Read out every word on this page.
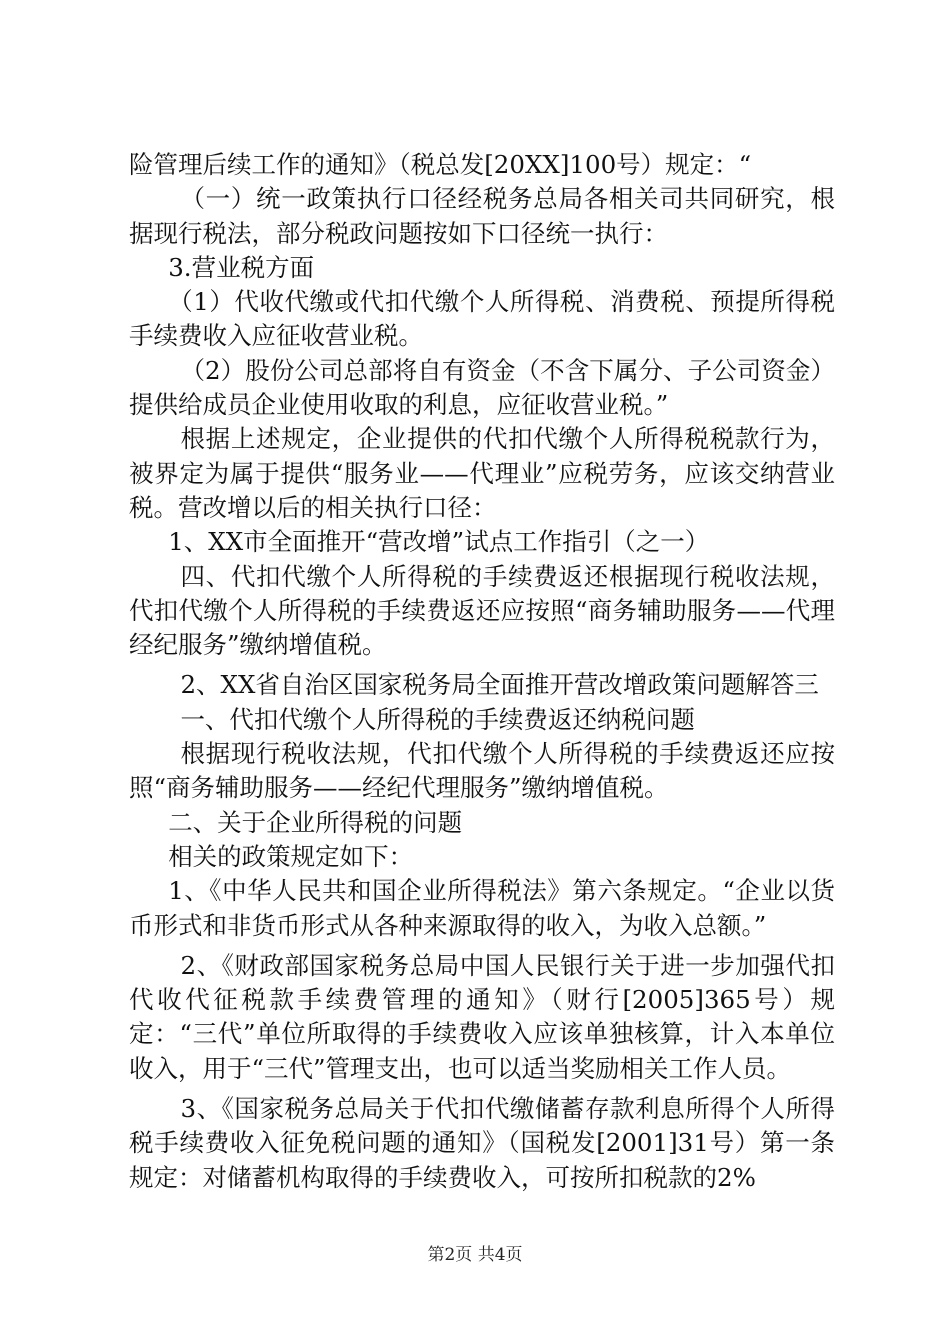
险管理后续工作的通知》（税总发[20XX]100号）规定：“

（一）统一政策执行口径经税务总局各相关司共同研究，根据现行税法，部分税政问题按如下口径统一执行：

3.营业税方面

（1）代收代缴或代扣代缴个人所得税、消费税、预提所得税手续费收入应征收营业税。

（2）股份公司总部将自有资金（不含下属分、子公司资金）提供给成员企业使用收取的利息，应征收营业税。”

根据上述规定，企业提供的代扣代缴个人所得税税款行为，被界定为属于提供“服务业——代理业”应税劳务，应该交纳营业税。营改增以后的相关执行口径：

1、XX市全面推开“营改增”试点工作指引（之一）

四、代扣代缴个人所得税的手续费返还根据现行税收法规，代扣代缴个人所得税的手续费返还应按照“商务辅助服务——代理经纪服务”缴纳增值税。

2、XX省自治区国家税务局全面推开营改增政策问题解答三

一、代扣代缴个人所得税的手续费返还纳税问题

根据现行税收法规，代扣代缴个人所得税的手续费返还应按照“商务辅助服务——经纪代理服务”缴纳增值税。

二、关于企业所得税的问题

相关的政策规定如下：

1、《中华人民共和国企业所得税法》第六条规定。“企业以货币形式和非货币形式从各种来源取得的收入，为收入总额。”

2、《财政部国家税务总局中国人民银行关于进一步加强代扣代收代征税款手续费管理的通知》（财行[2005]365号）规定：“三代”单位所取得的手续费收入应该单独核算，计入本单位收入，用于“三代”管理支出，也可以适当奖励相关工作人员。

3、《国家税务总局关于代扣代缴储蓄存款利息所得个人所得税手续费收入征免税问题的通知》（国税发[2001]31号）第一条规定：对储蓄机构取得的手续费收入，可按所扣税款的2%

第2页 共4页
